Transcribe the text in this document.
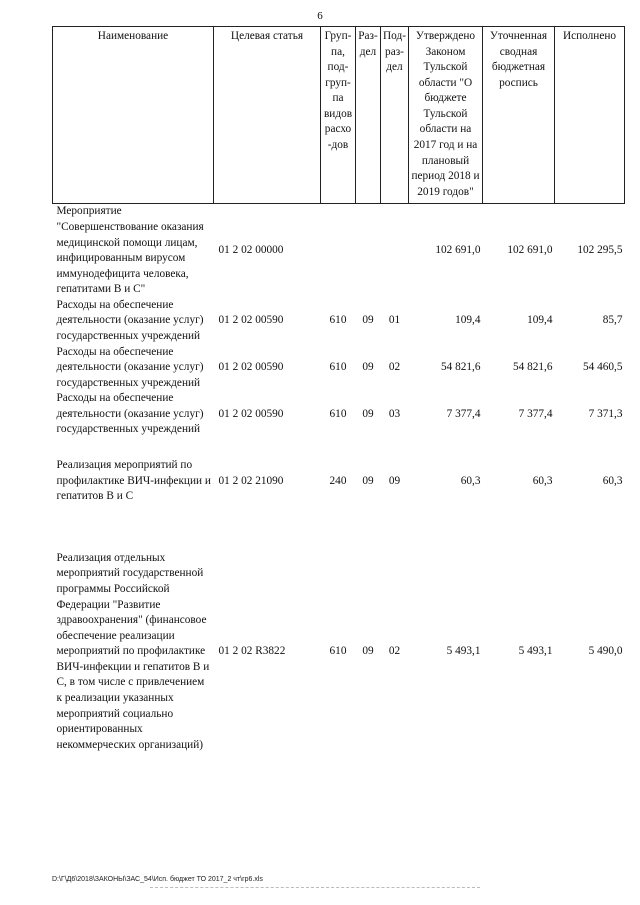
6
Наименование	Целевая статья	Груп-па, под-груп-па видов расхо-дов	Раз-дел	Под-раз-дел	Утверждено Законом Тульской области "О бюджете Тульской области на 2017 год и на плановый период 2018 и 2019 годов"	Уточненная сводная бюджетная роспись	Исполнено
Мероприятие "Совершенствование оказания медицинской помощи лицам, инфицированным вирусом иммунодефицита человека, гепатитами В и С"	01 2 02 00000				102 691,0	102 691,0	102 295,5
Расходы на обеспечение деятельности (оказание услуг) государственных учреждений	01 2 02 00590	610	09	01	109,4	109,4	85,7
Расходы на обеспечение деятельности (оказание услуг) государственных учреждений	01 2 02 00590	610	09	02	54 821,6	54 821,6	54 460,5
Расходы на обеспечение деятельности (оказание услуг) государственных учреждений	01 2 02 00590	610	09	03	7 377,4	7 377,4	7 371,3

Реализация мероприятий по профилактике ВИЧ-инфекции и гепатитов В и С	01 2 02 21090	240	09	09	60,3	60,3	60,3

Реализация отдельных мероприятий государственной программы Российской Федерации "Развитие здравоохранения" (финансовое обеспечение реализации мероприятий по профилактике ВИЧ-инфекции и гепатитов В и С, в том числе с привлечением к реализации указанных мероприятий социально ориентированных некоммерческих организаций)	01 2 02 R3822	610	09	02	5 493,1	5 493,1	5 490,0
D:\Г\Д6\2018\ЗАКОНЫ\ЗАС_54\Исп. бюджет ТО 2017_2 чт\гр6.xls
